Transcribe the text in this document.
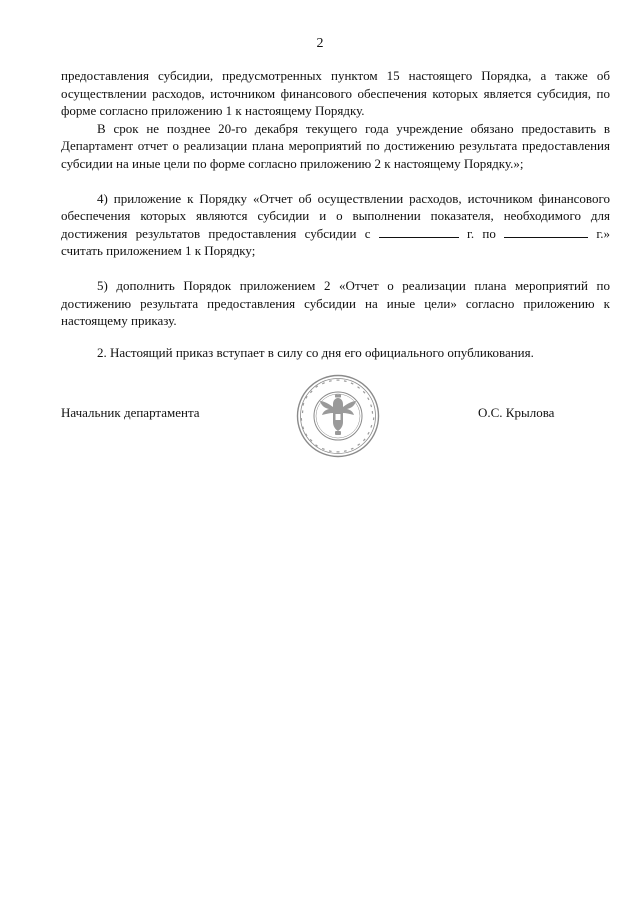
2

предоставления субсидии, предусмотренных пунктом 15 настоящего Порядка, а также об осуществлении расходов, источником финансового обеспечения которых является субсидия, по форме согласно приложению 1 к настоящему Порядку.

В срок не позднее 20-го декабря текущего года учреждение обязано предоставить в Департамент отчет о реализации плана мероприятий по достижению результата предоставления субсидии на иные цели по форме согласно приложению 2 к настоящему Порядку.»;

4) приложение к Порядку «Отчет об осуществлении расходов, источником финансового обеспечения которых являются субсидии и о выполнении показателя, необходимого для достижения результатов предоставления субсидии с	г. по	г.» считать приложением 1 к Порядку;

5) дополнить Порядок приложением 2 «Отчет о реализации плана мероприятий по достижению результата предоставления субсидии на иные цели» согласно приложению к настоящему приказу.

2. Настоящий приказ вступает в силу со дня его официального опубликования.

Начальник департамента	О.С. Крылова
